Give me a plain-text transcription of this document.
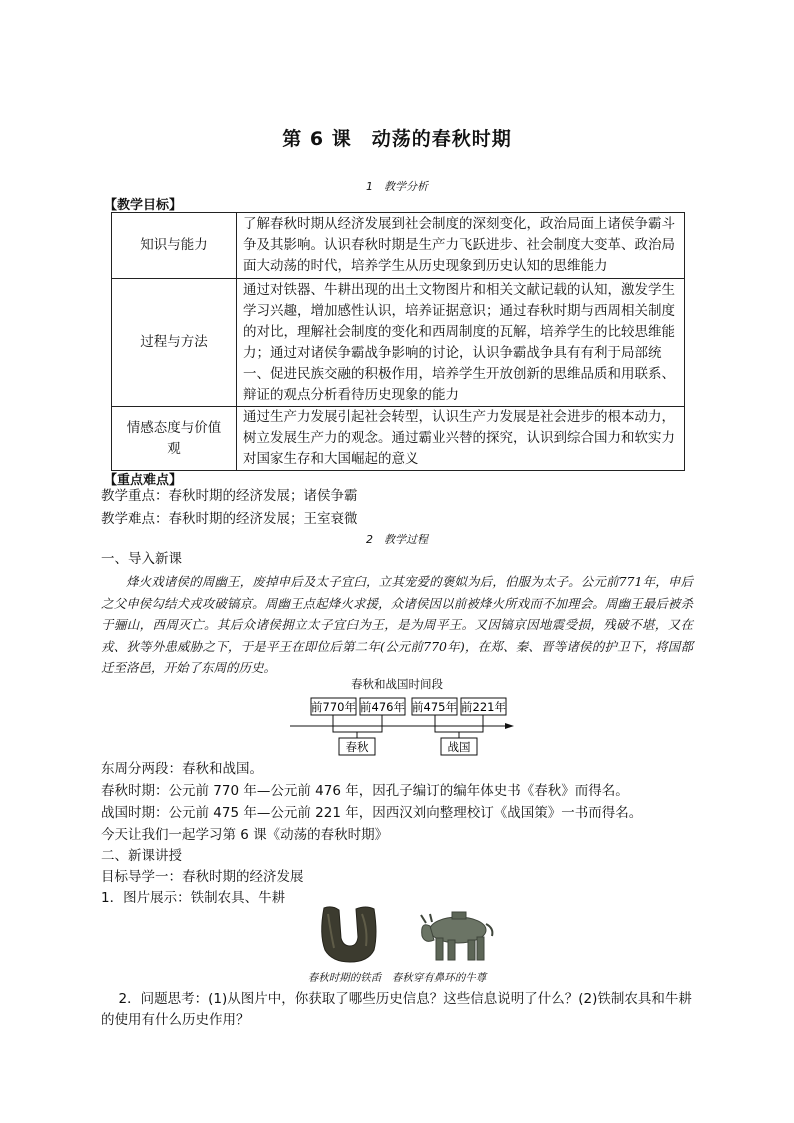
第 6 课　动荡的春秋时期
1　教学分析
【教学目标】
知识与能力	了解春秋时期从经济发展到社会制度的深刻变化，政治局面上诸侯争霸斗争及其影响。认识春秋时期是生产力飞跃进步、社会制度大变革、政治局面大动荡的时代，培养学生从历史现象到历史认知的思维能力
过程与方法	通过对铁器、牛耕出现的出土文物图片和相关文献记载的认知，激发学生学习兴趣，增加感性认识，培养证据意识；通过春秋时期与西周相关制度的对比，理解社会制度的变化和西周制度的瓦解，培养学生的比较思维能力；通过对诸侯争霸战争影响的讨论，认识争霸战争具有有利于局部统一、促进民族交融的积极作用，培养学生开放创新的思维品质和用联系、辩证的观点分析看待历史现象的能力
情感态度与价值观	通过生产力发展引起社会转型，认识生产力发展是社会进步的根本动力，树立发展生产力的观念。通过霸业兴替的探究，认识到综合国力和软实力对国家生存和大国崛起的意义
【重点难点】
教学重点：春秋时期的经济发展；诸侯争霸
教学难点：春秋时期的经济发展；王室衰微
2　教学过程
一、导入新课
烽火戏诸侯的周幽王，废掉申后及太子宜臼，立其宠爱的褒姒为后，伯服为太子。公元前771年，申后之父申侯勾结犬戎攻破镐京。周幽王点起烽火求援，众诸侯因以前被烽火所戏而不加理会。周幽王最后被杀于骊山，西周灭亡。其后众诸侯拥立太子宜臼为王，是为周平王。又因镐京因地震受损，残破不堪，又在戎、狄等外患威胁之下，于是平王在即位后第二年(公元前770年)，在郑、秦、晋等诸侯的护卫下，将国都迁至洛邑，开始了东周的历史。
春秋和战国时间段
前770年 前476年 前475年 前221年
春秋	战国
东周分两段：春秋和战国。
春秋时期：公元前 770 年—公元前 476 年，因孔子编订的编年体史书《春秋》而得名。
战国时期：公元前 475 年—公元前 221 年，因西汉刘向整理校订《战国策》一书而得名。
今天让我们一起学习第 6 课《动荡的春秋时期》
二、新课讲授
目标导学一：春秋时期的经济发展
1．图片展示：铁制农具、牛耕
春秋时期的铁臿　春秋穿有鼻环的牛尊
2．问题思考：(1)从图片中，你获取了哪些历史信息？这些信息说明了什么？(2)铁制农具和牛耕的使用有什么历史作用？
